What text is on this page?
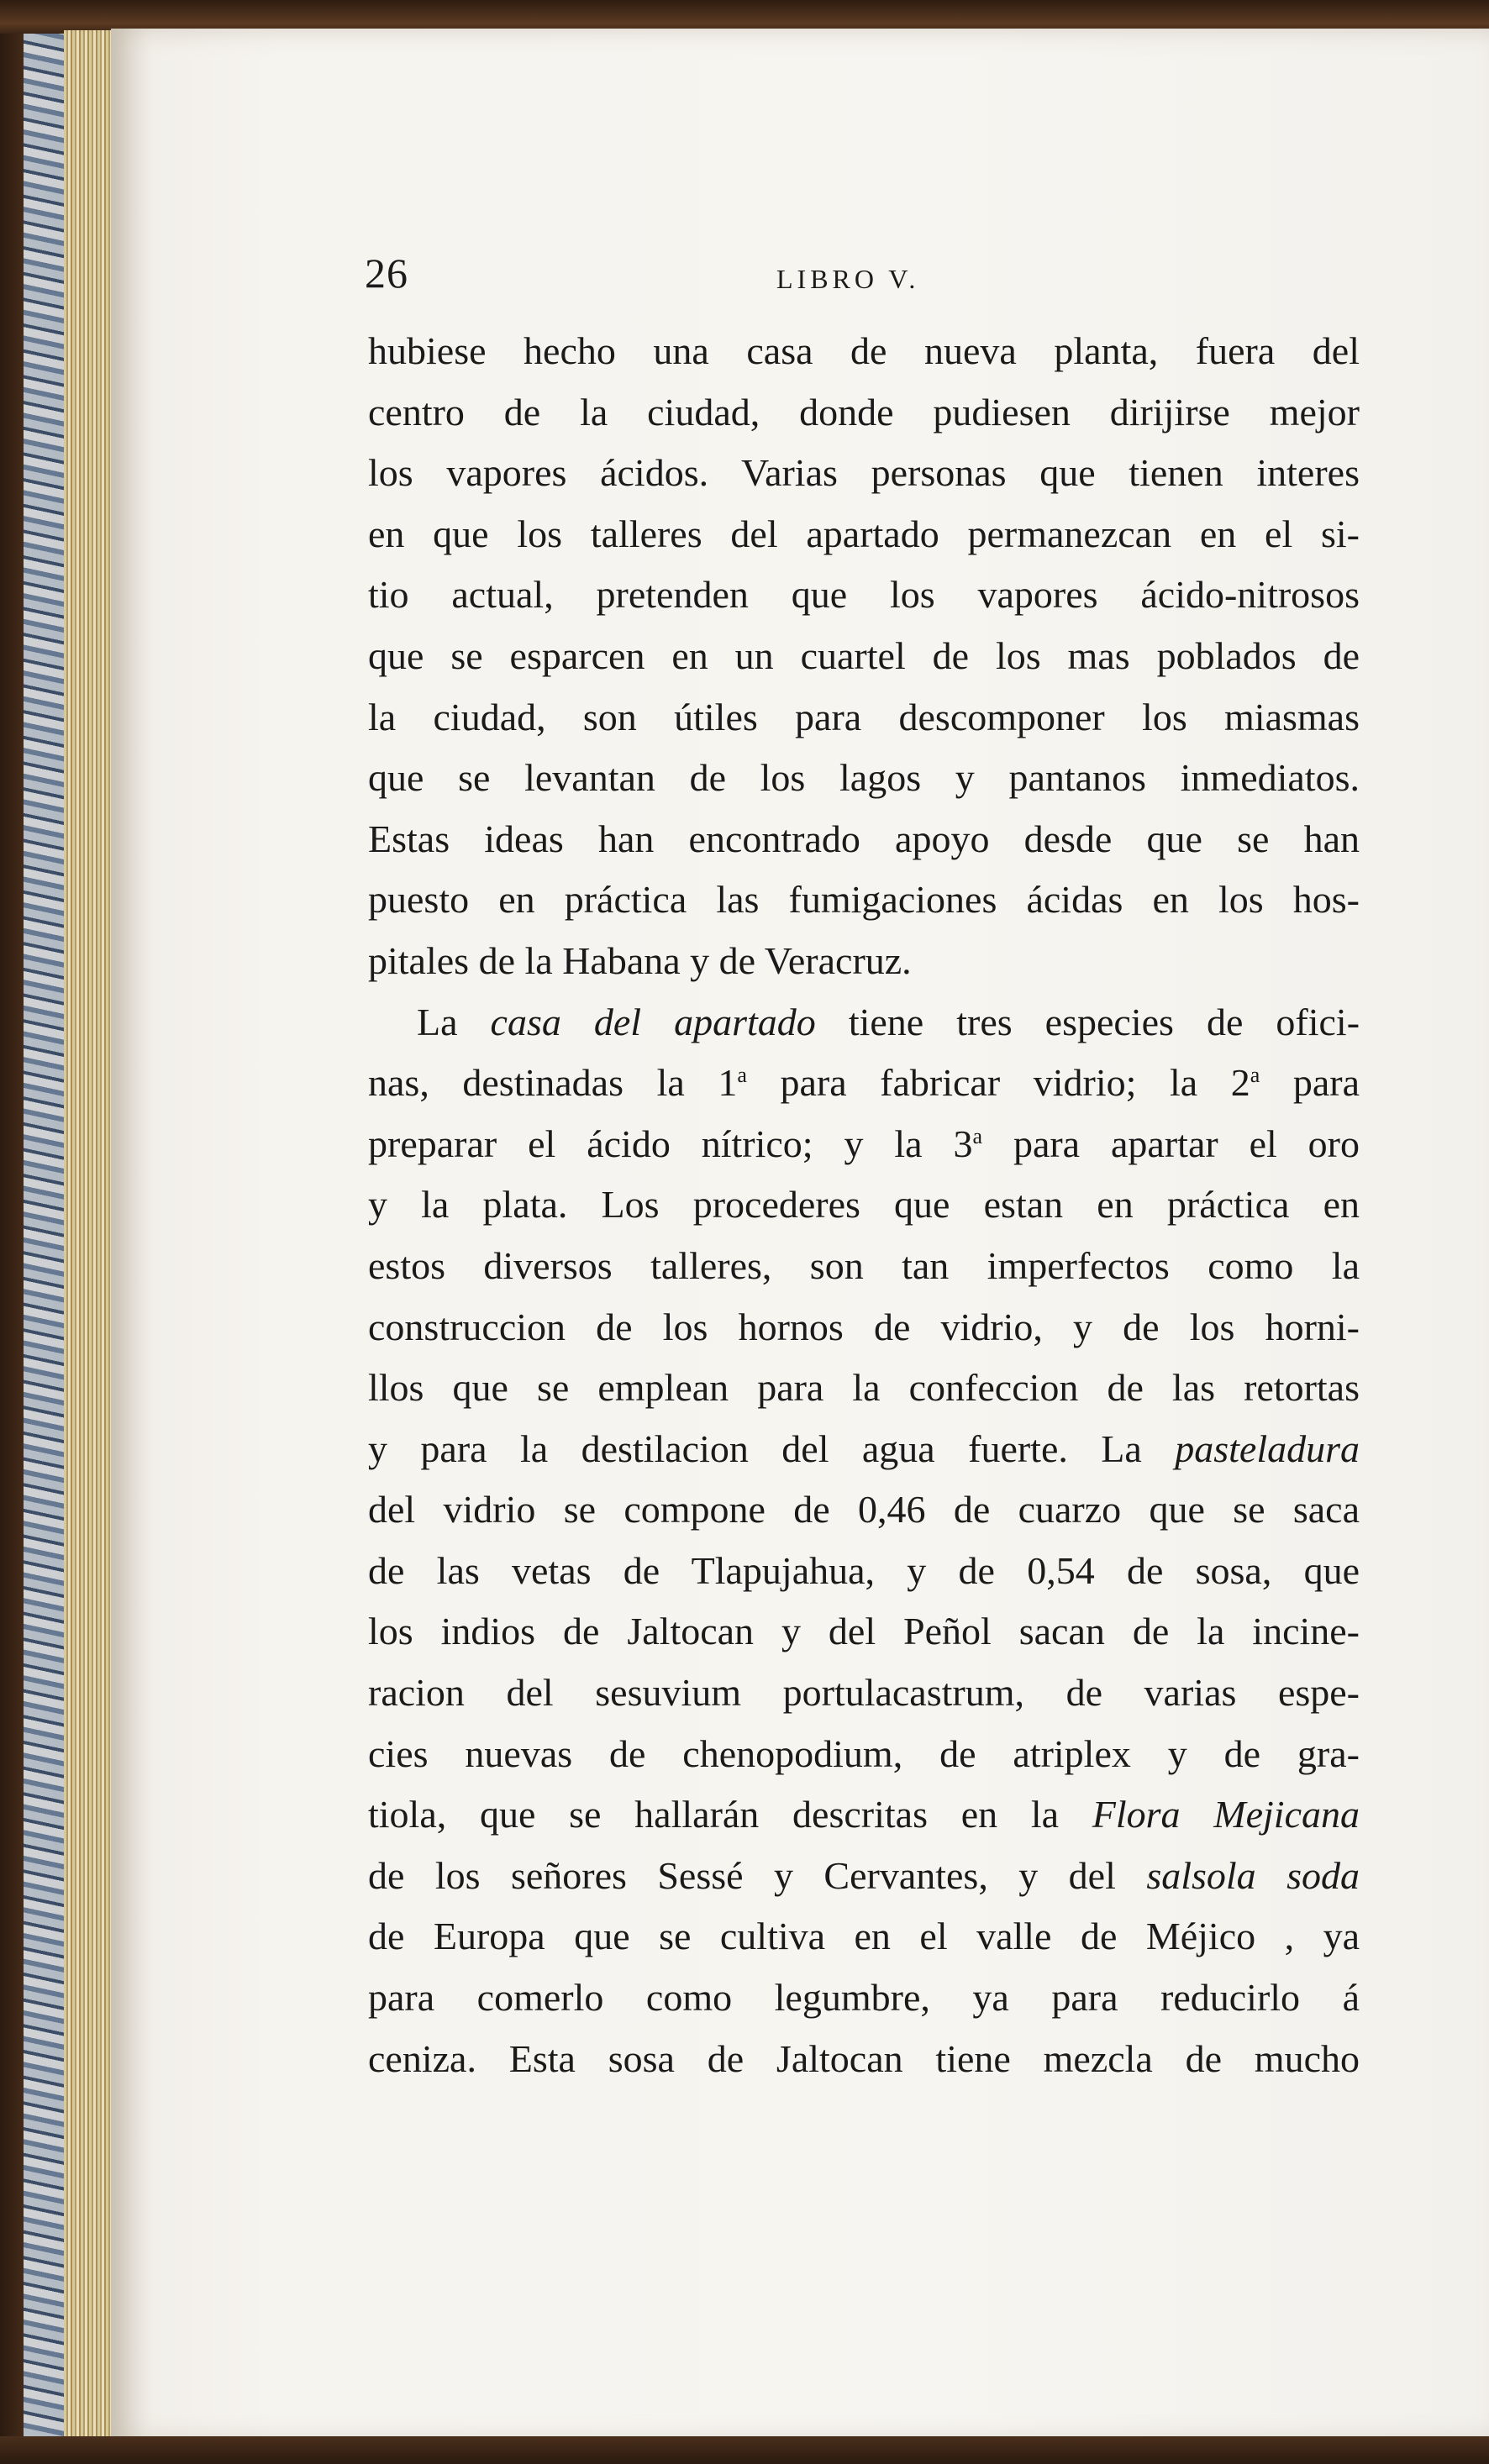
26	LIBRO V.
hubiese hecho una casa de nueva planta, fuera del
centro de la ciudad, donde pudiesen dirijirse mejor
los vapores ácidos. Varias personas que tienen interes
en que los talleres del apartado permanezcan en el si-
tio actual, pretenden que los vapores ácido-nitrosos
que se esparcen en un cuartel de los mas poblados de
la ciudad, son útiles para descomponer los miasmas
que se levantan de los lagos y pantanos inmediatos.
Estas ideas han encontrado apoyo desde que se han
puesto en práctica las fumigaciones ácidas en los hos-
pitales de la Habana y de Veracruz.
La casa del apartado tiene tres especies de ofici-
nas, destinadas la 1$^a$ para fabricar vidrio; la 2$^a$ para
preparar el ácido nítrico; y la 3$^a$ para apartar el oro
y la plata. Los procederes que estan en práctica en
estos diversos talleres, son tan imperfectos como la
construccion de los hornos de vidrio, y de los horni-
llos que se emplean para la confeccion de las retortas
y para la destilacion del agua fuerte. La pasteladura
del vidrio se compone de 0,46 de cuarzo que se saca
de las vetas de Tlapujahua, y de 0,54 de sosa, que
los indios de Jaltocan y del Peñol sacan de la incine-
racion del sesuvium portulacastrum, de varias espe-
cies nuevas de chenopodium, de atriplex y de gra-
tiola, que se hallarán descritas en la Flora Mejicana
de los señores Sessé y Cervantes, y del salsola soda
de Europa que se cultiva en el valle de Méjico , ya
para comerlo como legumbre, ya para reducirlo á
ceniza. Esta sosa de Jaltocan tiene mezcla de mucho
